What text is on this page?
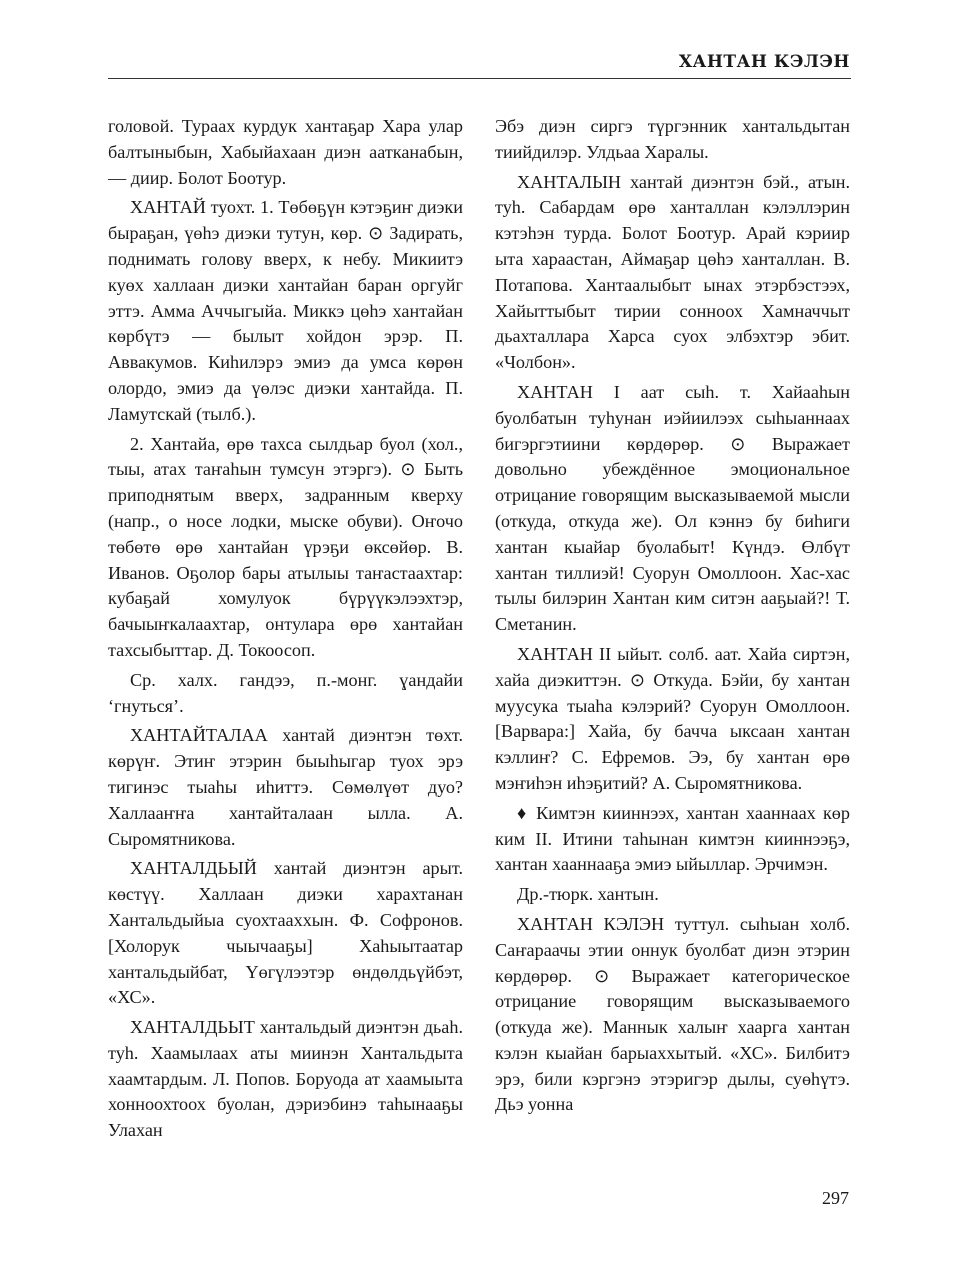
ХАНТАН КЭЛЭН

головой. Тураах курдук хантаҕар Хара улар балтыныбын, Хабыйахаан диэн аатканабын, — диир. Болот Боотур.

ХАНТАЙ туохт. 1. Төбөҕүн кэтэҕиҥ диэки быраҕан, үөһэ диэки тутун, көр. ⊙ Задирать, поднимать голову вверх, к небу. Микиитэ куөх халлаан диэки хантайан баран оргуйг эттэ. Амма Аччыгыйа. Миккэ цөһэ хантайан көрбүтэ — былыт хойдон эрэр. П. Аввакумов. Киһилэрэ эмиэ да умса көрөн олордо, эмиэ да үөлэс диэки хантайда. П. Ламутскай (тылб.).

2. Хантайа, өрө тахса сылдьар буол (хол., тыы, атах таҥаһын тумсун этэргэ). ⊙ Быть приподнятым вверх, задранным кверху (напр., о носе лодки, мыске обуви). Оҥочо төбөтө өрө хантайан үрэҕи өксөйөр. В. Иванов. Оҕолор бары атылыы таҥастаахтар: кубаҕай хомулуок бүрүүкэлээхтэр, бачыыҥкалаахтар, онтулара өрө хантайан тахсыбыттар. Д. Токоосоп.

Ср. халх. гандээ, п.-монг. ɣандайи ‘гнуться’.

ХАНТАЙТАЛАА хантай диэнтэн төхт. көрүҥ. Этиҥ этэрин быыһыгар туох эрэ тигинэс тыаһы иһиттэ. Сөмөлүөт дуо? Халлааҥҥа хантайталаан ылла. А. Сыромятникова.

ХАНТАЛДЬЫЙ хантай диэнтэн арыт. көстүү. Халлаан диэки харахтанан Хантальдыйыа суохтааххын. Ф. Софронов. [Холорук чыычааҕы] Хаһыытаатар хантальдыйбат, Үөгүлээтэр өндөлдьүйбэт, «ХС».

ХАНТАЛДЬЫТ хантальдый диэнтэн дьаһ. туһ. Хаамылаах аты миинэн Хантальдыта хаамтардым. Л. Попов. Боруода ат хаамыыта хонноохтоох буолан, дэриэбинэ таһынааҕы Улахан

Эбэ диэн сиргэ түргэнник хантальдытан тиийдилэр. Улдьаа Харалы.

ХАНТАЛЫН хантай диэнтэн бэй., атын. туһ. Сабардам өрө ханталлан кэлэллэрин кэтэһэн турда. Болот Боотур. Арай кэриир ыта хараастан, Аймаҕар цөһэ ханталлан. В. Потапова. Хантаалыбыт ынах этэрбэстээх, Хайыттыбыт тирии сонноох Хамначчыт дьахталлара Харса суох элбэхтэр эбит. «Чолбон».

ХАНТАН I аат сыһ. т. Хайааһын буолбатын туһунан иэйиилээх сыһыаннаах бигэргэтиини көрдөрөр. ⊙ Выражает довольно убеждённое эмоциональное отрицание говорящим высказываемой мысли (откуда, откуда же). Ол кэннэ бу биһиги хантан кыайар буолабыт! Күндэ. Өлбүт хантан тиллиэй! Суорун Омоллоон. Хас-хас тылы билэрин Хантан ким ситэн ааҕыай?! Т. Сметанин.

ХАНТАН II ыйыт. солб. аат. Хайа сиртэн, хайа диэкиттэн. ⊙ Откуда. Бэйи, бу хантан муусука тыаһа кэлэрий? Суорун Омоллоон. [Варвара:] Хайа, бу бачча ыксаан хантан кэллиҥ? С. Ефремов. Ээ, бу хантан өрө мэҥиһэн иһэҕитий? А. Сыромятникова.

♦ Кимтэн кииннээх, хантан хааннаах көр ким II. Итини таһынан кимтэн кииннээҕэ, хантан хааннааҕа эмиэ ыйыллар. Эрчимэн.

Др.-тюрк. хантын.

ХАНТАН КЭЛЭН туттул. сыһыан холб. Саҥараачы этии оннук буолбат диэн этэрин көрдөрөр. ⊙ Выражает категорическое отрицание говорящим высказываемого (откуда же). Маннык халыҥ хаарга хантан кэлэн кыайан барыаххытый. «ХС». Билбитэ эрэ, били кэргэнэ этэригэр дылы, суөһүтэ. Дьэ уонна

297
